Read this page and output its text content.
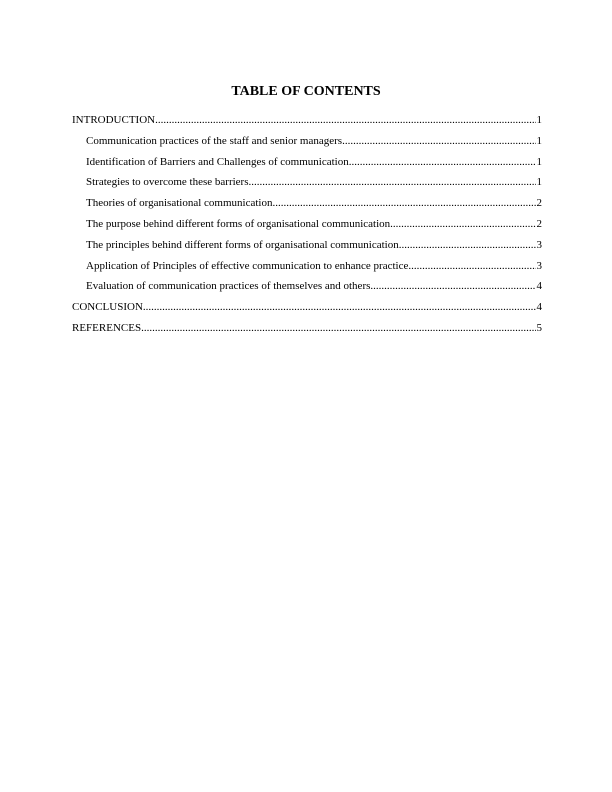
TABLE OF CONTENTS
INTRODUCTION .....	1
Communication practices of the staff and senior managers .....	1
Identification of Barriers and Challenges of communication .....	1
Strategies to overcome these barriers .....	1
Theories of organisational communication .....	2
The purpose behind different forms of organisational communication .....	2
The principles behind different forms of organisational communication .....	3
Application of Principles of effective communication to enhance practice .....	3
Evaluation of communication practices of themselves and others .....	4
CONCLUSION .....	4
REFERENCES .....	5
